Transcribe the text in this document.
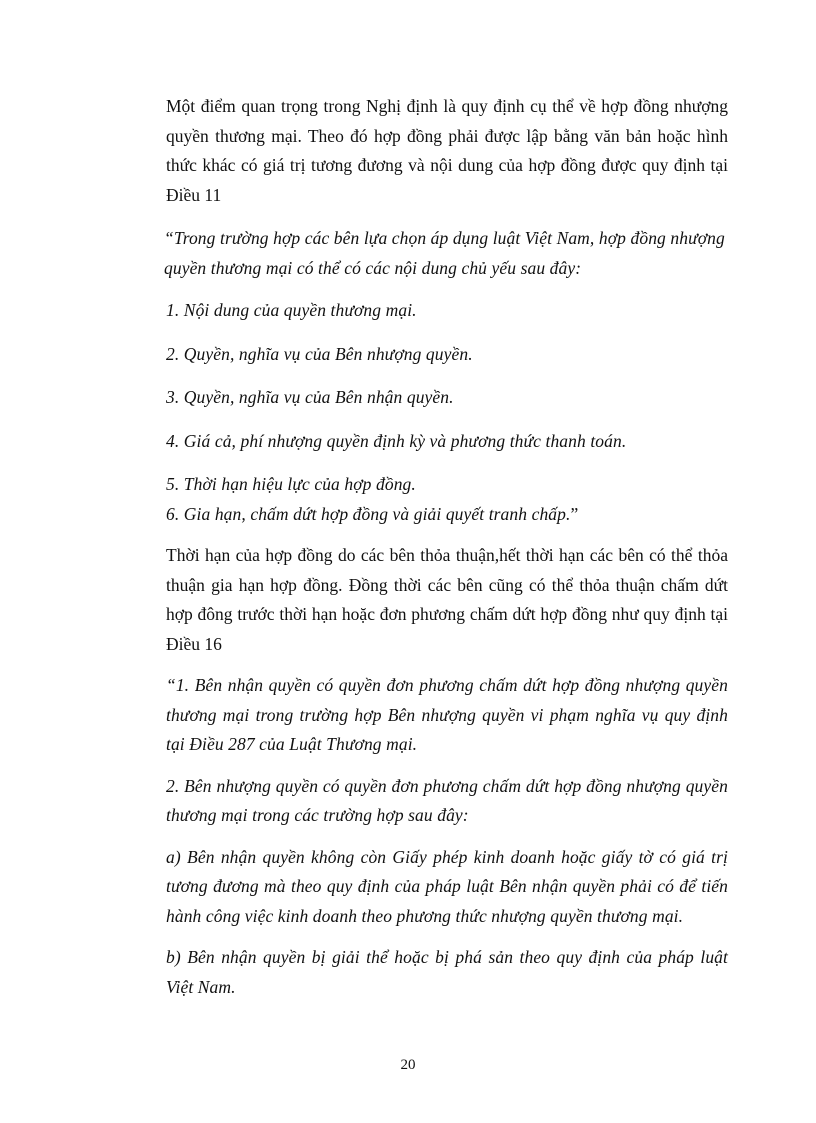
Một điểm quan trọng trong Nghị định là quy định cụ thể về hợp đồng nhượng quyền thương mại. Theo đó hợp đồng phải được lập bằng văn bản hoặc hình thức khác có giá trị tương đương và nội dung của hợp đồng được quy định tại Điều 11

“Trong trường hợp các bên lựa chọn áp dụng luật Việt Nam, hợp đồng nhượng quyền thương mại có thể có các nội dung chủ yếu sau đây:

1. Nội dung của quyền thương mại.

2. Quyền, nghĩa vụ của Bên nhượng quyền.

3. Quyền, nghĩa vụ của Bên nhận quyền.

4. Giá cả, phí nhượng quyền định kỳ và phương thức thanh toán.

5. Thời hạn hiệu lực của hợp đồng.

6. Gia hạn, chấm dứt hợp đồng và giải quyết tranh chấp.”

Thời hạn của hợp đồng do các bên thỏa thuận,hết thời hạn các bên có thể thỏa thuận gia hạn hợp đồng. Đồng thời các bên cũng có thể thỏa thuận chấm dứt hợp đông trước thời hạn hoặc đơn phương chấm dứt hợp đồng như quy định tại Điều 16

“1. Bên nhận quyền có quyền đơn phương chấm dứt hợp đồng nhượng quyền thương mại trong trường hợp Bên nhượng quyền vi phạm nghĩa vụ quy định tại Điều 287 của Luật Thương mại.

2. Bên nhượng quyền có quyền đơn phương chấm dứt hợp đồng nhượng quyền thương mại trong các trường hợp sau đây:

a) Bên nhận quyền không còn Giấy phép kinh doanh hoặc giấy tờ có giá trị tương đương mà theo quy định của pháp luật Bên nhận quyền phải có để tiến hành công việc kinh doanh theo phương thức nhượng quyền thương mại.

b) Bên nhận quyền bị giải thể hoặc bị phá sản theo quy định của pháp luật Việt Nam.

20
